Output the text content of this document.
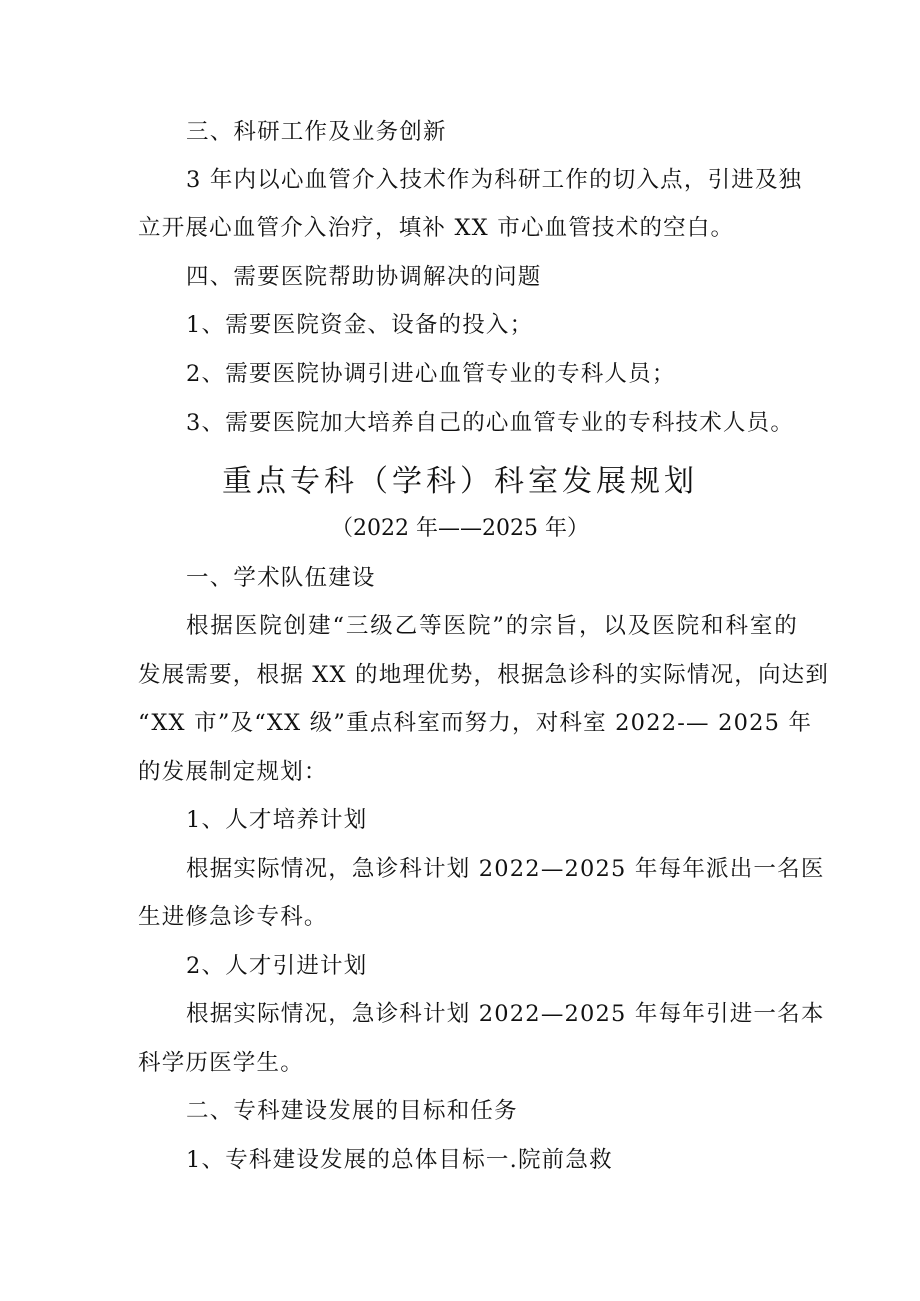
三、科研工作及业务创新
3 年内以心血管介入技术作为科研工作的切入点，引进及独
立开展心血管介入治疗，填补 XX 市心血管技术的空白。
四、需要医院帮助协调解决的问题
1、需要医院资金、设备的投入；
2、需要医院协调引进心血管专业的专科人员；
3、需要医院加大培养自己的心血管专业的专科技术人员。
重点专科（学科）科室发展规划
（2022 年——2025 年）
一、学术队伍建设
根据医院创建“三级乙等医院”的宗旨，以及医院和科室的
发展需要，根据 XX 的地理优势，根据急诊科的实际情况，向达到
“XX 市”及“XX 级”重点科室而努力，对科室 2022-— 2025 年
的发展制定规划：
1、人才培养计划
根据实际情况，急诊科计划 2022—2025 年每年派出一名医
生进修急诊专科。
2、人才引进计划
根据实际情况，急诊科计划 2022—2025 年每年引进一名本
科学历医学生。
二、专科建设发展的目标和任务
1、专科建设发展的总体目标一.院前急救
